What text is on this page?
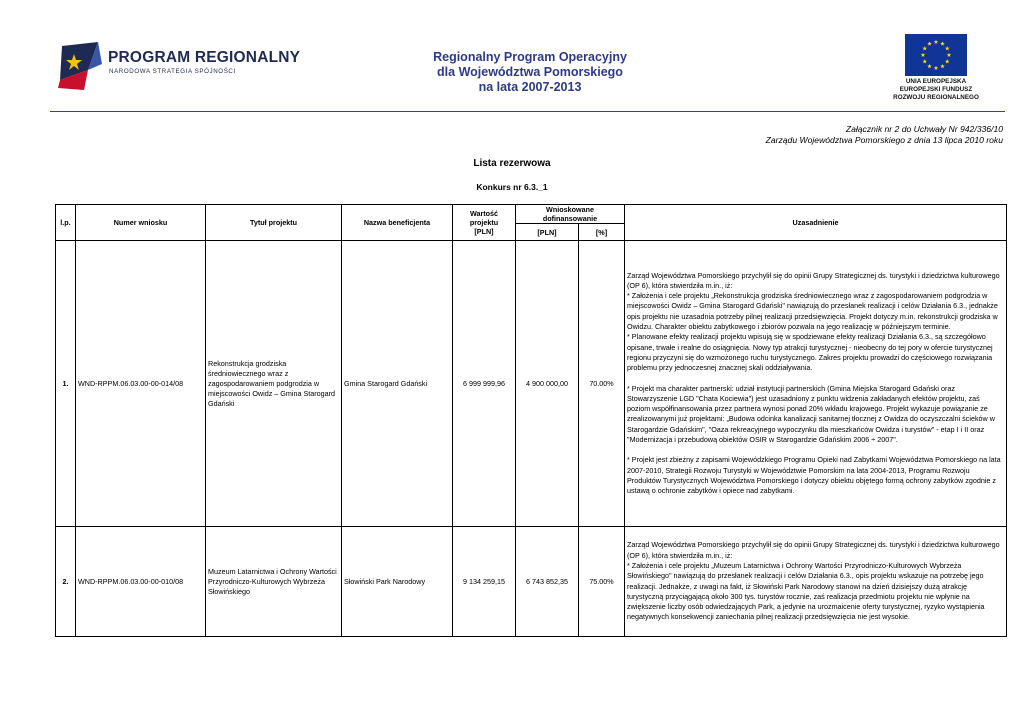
PROGRAM REGIONALNY
NARODOWA STRATEGIA SPÓJNOŚCI
Regionalny Program Operacyjny
dla Województwa Pomorskiego
na lata 2007-2013	UNIA EUROPEJSKA
EUROPEJSKI FUNDUSZ
ROZWOJU REGIONALNEGO
Załącznik nr 2 do Uchwały Nr 942/336/10
Zarządu Województwa Pomorskiego z dnia 13 lipca 2010 roku
Lista rezerwowa
Konkurs nr 6.3._1
l.p.	Numer wniosku	Tytuł projektu	Nazwa beneficjenta	Wartość projektu
[PLN]	Wnioskowane dofinansowanie		Uzasadnienie
					[PLN]	[%]	
1.	WND-RPPM.06.03.00-00-014/08	Rekonstrukcja grodziska średniowiecznego wraz z zagospodarowaniem podgrodzia w miejscowości Owidz – Gmina Starogard Gdański	Gmina Starogard Gdański	6 999 999,96	4 900 000,00	70.00%	Zarząd Województwa Pomorskiego przychylił się do opinii Grupy Strategicznej ds. turystyki i dziedzictwa kulturowego (OP 6), która stwierdziła m.in., iż:

* Założenia i cele projektu „Rekonstrukcja grodziska średniowiecznego wraz z zagospodarowaniem podgrodzia w miejscowości Owidz – Gmina Starogard Gdański" nawiązują do przesłanek realizacji i celów Działania 6.3., jednakże opis projektu nie uzasadnia potrzeby pilnej realizacji przedsięwzięcia. Projekt dotyczy m.in. rekonstrukcji grodziska w Owidzu. Charakter obiektu zabytkowego i zbiorów pozwala na jego realizację w późniejszym terminie.

* Planowane efekty realizacji projektu wpisują się w spodziewane efekty realizacji Działania 6.3., są szczegółowo opisane, trwałe i realne do osiągnięcia. Nowy typ atrakcji turystycznej - nieobecny do tej pory w ofercie turystycznej regionu przyczyni się do wzmożonego ruchu turystycznego. Zakres projektu prowadzi do częściowego rozwiązania problemu przy jednoczesnej znacznej skali oddziaływania.

* Projekt ma charakter partnerski: udział instytucji partnerskich (Gmina Miejska Starogard Gdański oraz Stowarzyszenie LGD "Chata Kociewia") jest uzasadniony z punktu widzenia zakładanych efektów projektu, zaś poziom współfinansowania przez partnera wynosi ponad 20% wkładu krajowego. Projekt wykazuje powiązanie ze zrealizowanymi już projektami: „Budowa odcinka kanalizacji sanitarnej tłocznej z Owidza do oczyszczalni ścieków w Starogardzie Gdańskim", "Oaza rekreacyjnego wypoczynku dla mieszkańców Owidza i turystów" - etap I i II oraz "Modernizacja i przebudową obiektów OSIR w Starogardzie Gdańskim 2006 ÷ 2007".

* Projekt jest zbieżny z zapisami Wojewódzkiego Programu Opieki nad Zabytkami Województwa Pomorskiego na lata 2007-2010, Strategii Rozwoju Turystyki w Województwie Pomorskim na lata 2004-2013, Programu Rozwoju Produktów Turystycznych Województwa Pomorskiego i dotyczy obiektu objętego formą ochrony zabytków zgodnie z ustawą o ochronie zabytków i opiece nad zabytkami.

2.	WND-RPPM.06.03.00-00-010/08	Muzeum Latarnictwa i Ochrony Wartości Przyrodniczo-Kulturowych Wybrzeża Słowińskiego	Słowiński Park Narodowy	9 134 259,15	6 743 852,35	75.00%	Zarząd Województwa Pomorskiego przychylił się do opinii Grupy Strategicznej ds. turystyki i dziedzictwa kulturowego (OP 6), która stwierdziła m.in., iż:

* Założenia i cele projektu „Muzeum Latarnictwa i Ochrony Wartości Przyrodniczo-Kulturowych Wybrzeża Słowińskiego" nawiązują do przesłanek realizacji i celów Działania 6.3., opis projektu wskazuje na potrzebę jego realizacji. Jednakże, z uwagi na fakt, iż Słowiński Park Narodowy stanowi na dzień dzisiejszy dużą atrakcję turystyczną przyciągającą około 300 tys. turystów rocznie, zaś realizacja przedmiotu projektu nie wpłynie na zwiększenie liczby osób odwiedzających Park, a jedynie na urozmaicenie oferty turystycznej, ryzyko wystąpienia negatywnych konsekwencji zaniechania pilnej realizacji przedsięwzięcia nie jest wysokie.
